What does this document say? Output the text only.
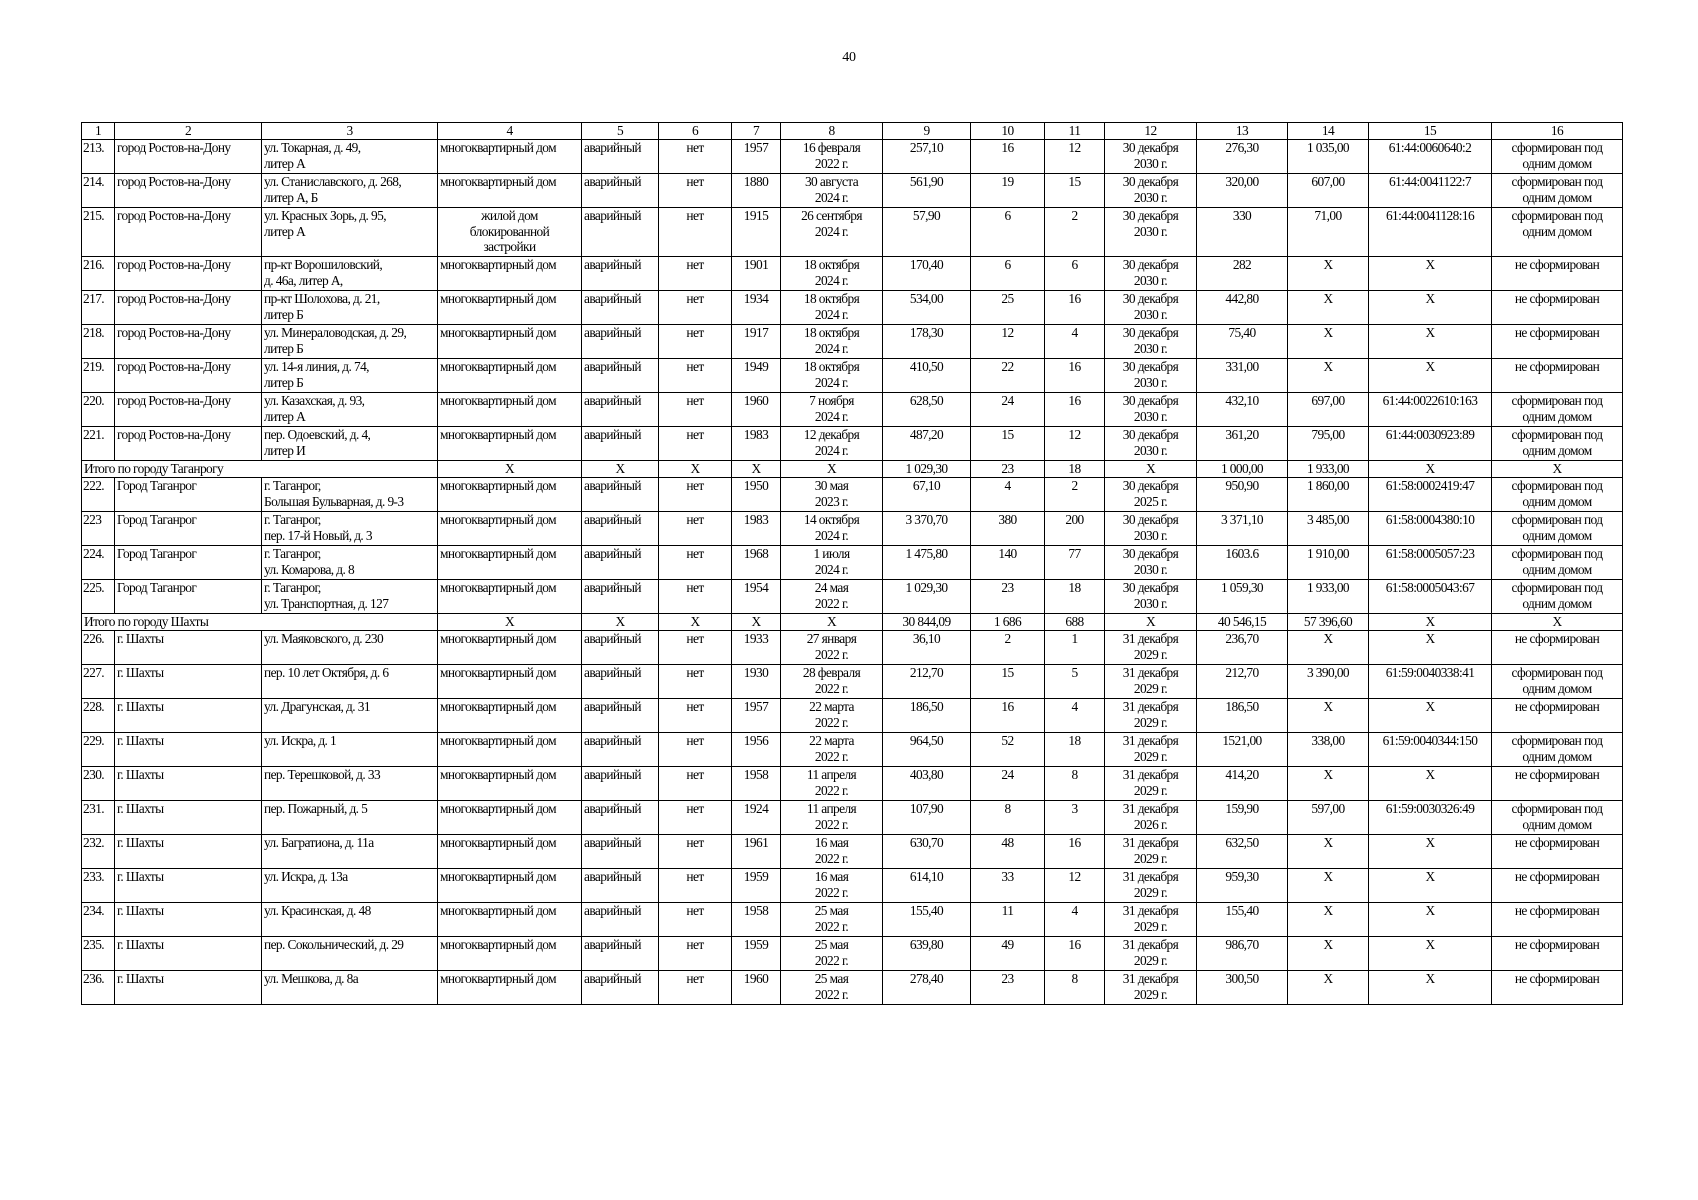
40
1	2	3	4	5	6	7	8	9	10	11	12	13	14	15	16

213.	город Ростов-на-Дону	ул. Токарная, д. 49,
литер А	многоквартирный дом	аварийный	нет	1957	16 февраля
2022 г.	257,10	16	12	30 декабря
2030 г.	276,30	1 035,00	61:44:0060640:2	сформирован под
одним домом

214.	город Ростов-на-Дону	ул. Станиславского, д. 268,
литер А, Б	многоквартирный дом	аварийный	нет	1880	30 августа
2024 г.	561,90	19	15	30 декабря
2030 г.	320,00	607,00	61:44:0041122:7	сформирован под
одним домом

215.	город Ростов-на-Дону	ул. Красных Зорь, д. 95,
литер А	жилой дом
блокированной
застройки	аварийный	нет	1915	26 сентября
2024 г.	57,90	6	2	30 декабря
2030 г.	330	71,00	61:44:0041128:16	сформирован под
одним домом

216.	город Ростов-на-Дону	пр-кт Ворошиловский,
д. 46а, литер А,	многоквартирный дом	аварийный	нет	1901	18 октября
2024 г.	170,40	6	6	30 декабря
2030 г.	282	X	X	не сформирован

217.	город Ростов-на-Дону	пр-кт Шолохова, д. 21,
литер Б	многоквартирный дом	аварийный	нет	1934	18 октября
2024 г.	534,00	25	16	30 декабря
2030 г.	442,80	X	X	не сформирован

218.	город Ростов-на-Дону	ул. Минераловодская, д. 29,
литер Б	многоквартирный дом	аварийный	нет	1917	18 октября
2024 г.	178,30	12	4	30 декабря
2030 г.	75,40	X	X	не сформирован

219.	город Ростов-на-Дону	ул. 14-я линия, д. 74,
литер Б	многоквартирный дом	аварийный	нет	1949	18 октября
2024 г.	410,50	22	16	30 декабря
2030 г.	331,00	X	X	не сформирован

220.	город Ростов-на-Дону	ул. Казахская, д. 93,
литер А	многоквартирный дом	аварийный	нет	1960	7 ноября
2024 г.	628,50	24	16	30 декабря
2030 г.	432,10	697,00	61:44:0022610:163	сформирован под
одним домом

221.	город Ростов-на-Дону	пер. Одоевский, д. 4,
литер И	многоквартирный дом	аварийный	нет	1983	12 декабря
2024 г.	487,20	15	12	30 декабря
2030 г.	361,20	795,00	61:44:0030923:89	сформирован под
одним домом

Итого по городу Таганрогу			X	X	X	X	X	1 029,30	23	18	X	1 000,00	1 933,00	X	X

222.	Город Таганрог	г. Таганрог,
Большая Бульварная, д. 9-3	многоквартирный дом	аварийный	нет	1950	30 мая
2023 г.	67,10	4	2	30 декабря
2025 г.	950,90	1 860,00	61:58:0002419:47	сформирован под
одним домом

223	Город Таганрог	г. Таганрог,
пер. 17-й Новый, д. 3	многоквартирный дом	аварийный	нет	1983	14 октября
2024 г.	3 370,70	380	200	30 декабря
2030 г.	3 371,10	3 485,00	61:58:0004380:10	сформирован под
одним домом

224.	Город Таганрог	г. Таганрог,
ул. Комарова, д. 8	многоквартирный дом	аварийный	нет	1968	1 июля
2024 г.	1 475,80	140	77	30 декабря
2030 г.	1603.6	1 910,00	61:58:0005057:23	сформирован под
одним домом

225.	Город Таганрог	г. Таганрог,
ул. Транспортная, д. 127	многоквартирный дом	аварийный	нет	1954	24 мая
2022 г.	1 029,30	23	18	30 декабря
2030 г.	1 059,30	1 933,00	61:58:0005043:67	сформирован под
одним домом

Итого по городу Шахты			X	X	X	X	X	30 844,09	1 686	688	X	40 546,15	57 396,60	X	X

226.	г. Шахты	ул. Маяковского, д. 230	многоквартирный дом	аварийный	нет	1933	27 января
2022 г.	36,10	2	1	31 декабря
2029 г.	236,70	X	X	не сформирован

227.	г. Шахты	пер. 10 лет Октября, д. 6	многоквартирный дом	аварийный	нет	1930	28 февраля
2022 г.	212,70	15	5	31 декабря
2029 г.	212,70	3 390,00	61:59:0040338:41	сформирован под
одним домом

228.	г. Шахты	ул. Драгунская, д. 31	многоквартирный дом	аварийный	нет	1957	22 марта
2022 г.	186,50	16	4	31 декабря
2029 г.	186,50	X	X	не сформирован

229.	г. Шахты	ул. Искра, д. 1	многоквартирный дом	аварийный	нет	1956	22 марта
2022 г.	964,50	52	18	31 декабря
2029 г.	1521,00	338,00	61:59:0040344:150	сформирован под
одним домом

230.	г. Шахты	пер. Терешковой, д. 33	многоквартирный дом	аварийный	нет	1958	11 апреля
2022 г.	403,80	24	8	31 декабря
2029 г.	414,20	X	X	не сформирован

231.	г. Шахты	пер. Пожарный, д. 5	многоквартирный дом	аварийный	нет	1924	11 апреля
2022 г.	107,90	8	3	31 декабря
2026 г.	159,90	597,00	61:59:0030326:49	сформирован под
одним домом

232.	г. Шахты	ул. Багратиона, д. 11а	многоквартирный дом	аварийный	нет	1961	16 мая
2022 г.	630,70	48	16	31 декабря
2029 г.	632,50	X	X	не сформирован

233.	г. Шахты	ул. Искра, д. 13а	многоквартирный дом	аварийный	нет	1959	16 мая
2022 г.	614,10	33	12	31 декабря
2029 г.	959,30	X	X	не сформирован

234.	г. Шахты	ул. Красинская, д. 48	многоквартирный дом	аварийный	нет	1958	25 мая
2022 г.	155,40	11	4	31 декабря
2029 г.	155,40	X	X	не сформирован

235.	г. Шахты	пер. Сокольнический, д. 29	многоквартирный дом	аварийный	нет	1959	25 мая
2022 г.	639,80	49	16	31 декабря
2029 г.	986,70	X	X	не сформирован

236.	г. Шахты	ул. Мешкова, д. 8а	многоквартирный дом	аварийный	нет	1960	25 мая
2022 г.	278,40	23	8	31 декабря
2029 г.	300,50	X	X	не сформирован
